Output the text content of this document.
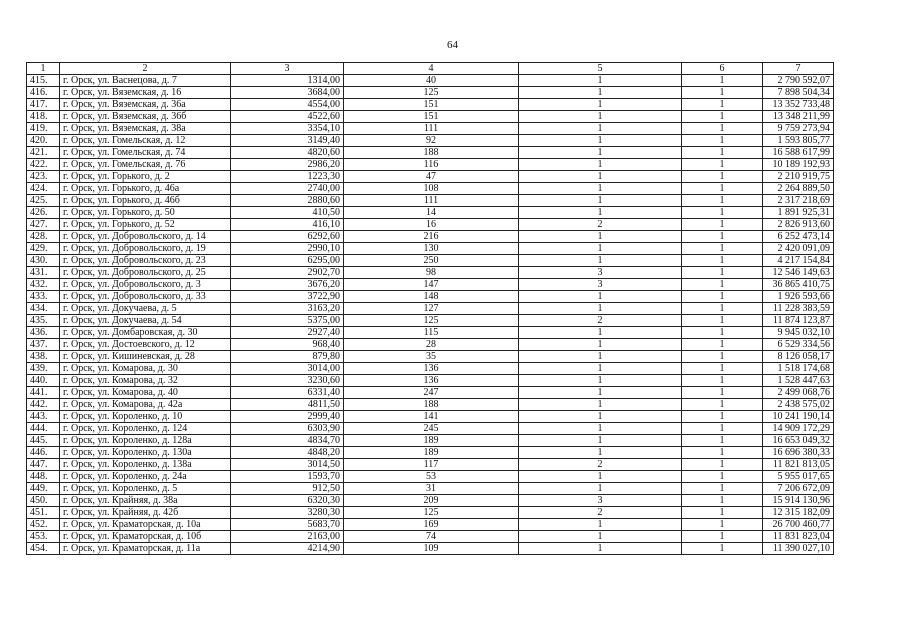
64
1	2	3	4	5	6	7
415.	г. Орск, ул. Васнецова, д. 7	1314,00	40	1	1	2 790 592,07
416.	г. Орск, ул. Вяземская, д. 16	3684,00	125	1	1	7 898 504,34
417.	г. Орск, ул. Вяземская, д. 36а	4554,00	151	1	1	13 352 733,48
418.	г. Орск, ул. Вяземская, д. 36б	4522,60	151	1	1	13 348 211,99
419.	г. Орск, ул. Вяземская, д. 38а	3354,10	111	1	1	9 759 273,94
420.	г. Орск, ул. Гомельская, д. 12	3149,40	92	1	1	1 593 805,77
421.	г. Орск, ул. Гомельская, д. 74	4820,60	188	1	1	16 588 617,99
422.	г. Орск, ул. Гомельская, д. 76	2986,20	116	1	1	10 189 192,93
423.	г. Орск, ул. Горького, д. 2	1223,30	47	1	1	2 210 919,75
424.	г. Орск, ул. Горького, д. 46а	2740,00	108	1	1	2 264 889,50
425.	г. Орск, ул. Горького, д. 46б	2880,60	111	1	1	2 317 218,69
426.	г. Орск, ул. Горького, д. 50	410,50	14	1	1	1 891 925,31
427.	г. Орск, ул. Горького, д. 52	416,10	16	2	1	2 826 913,60
428.	г. Орск, ул. Добровольского, д. 14	6292,60	216	1	1	6 252 473,14
429.	г. Орск, ул. Добровольского, д. 19	2990,10	130	1	1	2 420 091,09
430.	г. Орск, ул. Добровольского, д. 23	6295,00	250	1	1	4 217 154,84
431.	г. Орск, ул. Добровольского, д. 25	2902,70	98	3	1	12 546 149,63
432.	г. Орск, ул. Добровольского, д. 3	3676,20	147	3	1	36 865 410,75
433.	г. Орск, ул. Добровольского, д. 33	3722,90	148	1	1	1 926 593,66
434.	г. Орск, ул. Докучаева, д. 5	3163,20	127	1	1	11 228 383,59
435.	г. Орск, ул. Докучаева, д. 54	5375,00	125	2	1	11 874 123,87
436.	г. Орск, ул. Домбаровская, д. 30	2927,40	115	1	1	9 945 032,10
437.	г. Орск, ул. Достоевского, д. 12	968,40	28	1	1	6 529 334,56
438.	г. Орск, ул. Кишиневская, д. 28	879,80	35	1	1	8 126 058,17
439.	г. Орск, ул. Комарова, д. 30	3014,00	136	1	1	1 518 174,68
440.	г. Орск, ул. Комарова, д. 32	3230,60	136	1	1	1 528 447,63
441.	г. Орск, ул. Комарова, д. 40	6331,40	247	1	1	2 499 068,76
442.	г. Орск, ул. Комарова, д. 42а	4811,50	188	1	1	2 438 575,02
443.	г. Орск, ул. Короленко, д. 10	2999,40	141	1	1	10 241 190,14
444.	г. Орск, ул. Короленко, д. 124	6303,90	245	1	1	14 909 172,29
445.	г. Орск, ул. Короленко, д. 128а	4834,70	189	1	1	16 653 049,32
446.	г. Орск, ул. Короленко, д. 130а	4848,20	189	1	1	16 696 380,33
447.	г. Орск, ул. Короленко, д. 138а	3014,50	117	2	1	11 821 813,05
448.	г. Орск, ул. Короленко, д. 24а	1593,70	53	1	1	5 955 017,65
449.	г. Орск, ул. Короленко, д. 5	912,50	31	1	1	7 206 672,09
450.	г. Орск, ул. Крайняя, д. 38а	6320,30	209	3	1	15 914 130,96
451.	г. Орск, ул. Крайняя, д. 42б	3280,30	125	2	1	12 315 182,09
452.	г. Орск, ул. Краматорская, д. 10а	5683,70	169	1	1	26 700 460,77
453.	г. Орск, ул. Краматорская, д. 10б	2163,00	74	1	1	11 831 823,04
454.	г. Орск, ул. Краматорская, д. 11а	4214,90	109	1	1	11 390 027,10
